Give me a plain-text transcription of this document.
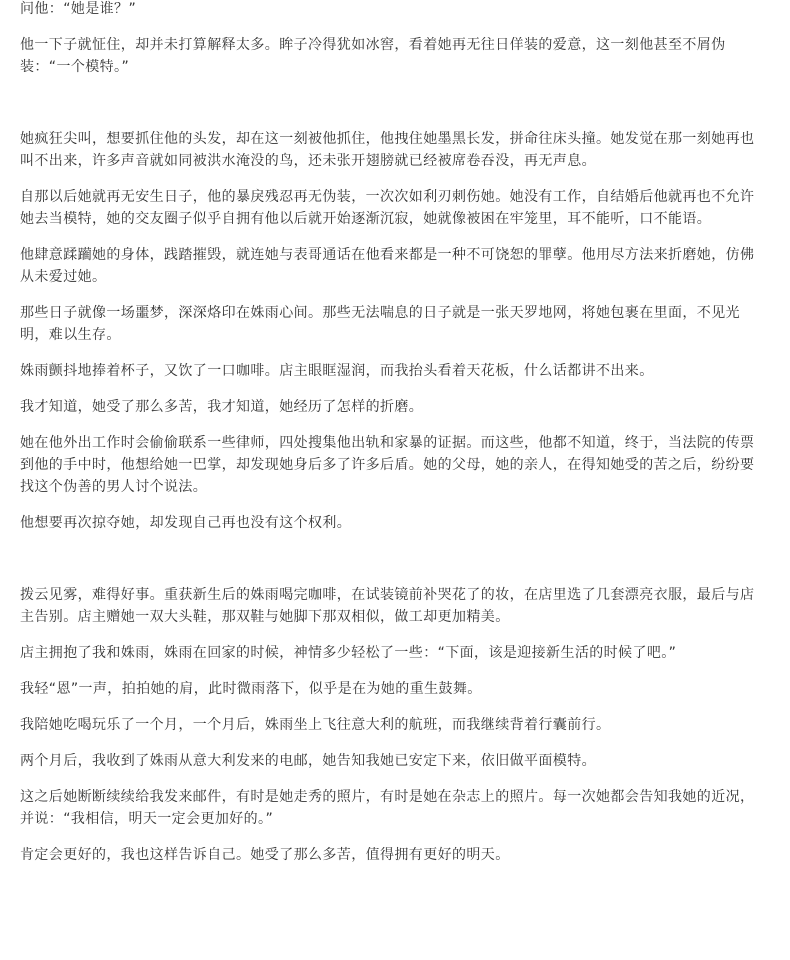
问他：“她是谁？”

他一下子就怔住，却并未打算解释太多。眸子冷得犹如冰窖，看着她再无往日佯装的爱意，这一刻他甚至不屑伪装：“一个模特。”

她疯狂尖叫，想要抓住他的头发，却在这一刻被他抓住，他拽住她墨黑长发，拼命往床头撞。她发觉在那一刻她再也叫不出来，许多声音就如同被洪水淹没的鸟，还未张开翅膀就已经被席卷吞没，再无声息。

自那以后她就再无安生日子，他的暴戾残忍再无伪装，一次次如利刃刺伤她。她没有工作，自结婚后他就再也不允许她去当模特，她的交友圈子似乎自拥有他以后就开始逐渐沉寂，她就像被困在牢笼里，耳不能听，口不能语。

他肆意蹂躏她的身体，践踏摧毁，就连她与表哥通话在他看来都是一种不可饶恕的罪孽。他用尽方法来折磨她，仿佛从未爱过她。

那些日子就像一场噩梦，深深烙印在姝雨心间。那些无法喘息的日子就是一张天罗地网，将她包裹在里面，不见光明，难以生存。

姝雨颤抖地捧着杯子，又饮了一口咖啡。店主眼眶湿润，而我抬头看着天花板，什么话都讲不出来。

我才知道，她受了那么多苦，我才知道，她经历了怎样的折磨。

她在他外出工作时会偷偷联系一些律师，四处搜集他出轨和家暴的证据。而这些，他都不知道，终于，当法院的传票到他的手中时，他想给她一巴掌，却发现她身后多了许多后盾。她的父母，她的亲人，在得知她受的苦之后，纷纷要找这个伪善的男人讨个说法。

他想要再次掠夺她，却发现自己再也没有这个权利。

拨云见雾，难得好事。重获新生后的姝雨喝完咖啡，在试装镜前补哭花了的妆，在店里选了几套漂亮衣服，最后与店主告别。店主赠她一双大头鞋，那双鞋与她脚下那双相似，做工却更加精美。

店主拥抱了我和姝雨，姝雨在回家的时候，神情多少轻松了一些：“下面，该是迎接新生活的时候了吧。”

我轻“恩”一声，拍拍她的肩，此时微雨落下，似乎是在为她的重生鼓舞。

我陪她吃喝玩乐了一个月，一个月后，姝雨坐上飞往意大利的航班，而我继续背着行囊前行。

两个月后，我收到了姝雨从意大利发来的电邮，她告知我她已安定下来，依旧做平面模特。

这之后她断断续续给我发来邮件，有时是她走秀的照片，有时是她在杂志上的照片。每一次她都会告知我她的近况，并说：“我相信，明天一定会更加好的。”

肯定会更好的，我也这样告诉自己。她受了那么多苦，值得拥有更好的明天。
